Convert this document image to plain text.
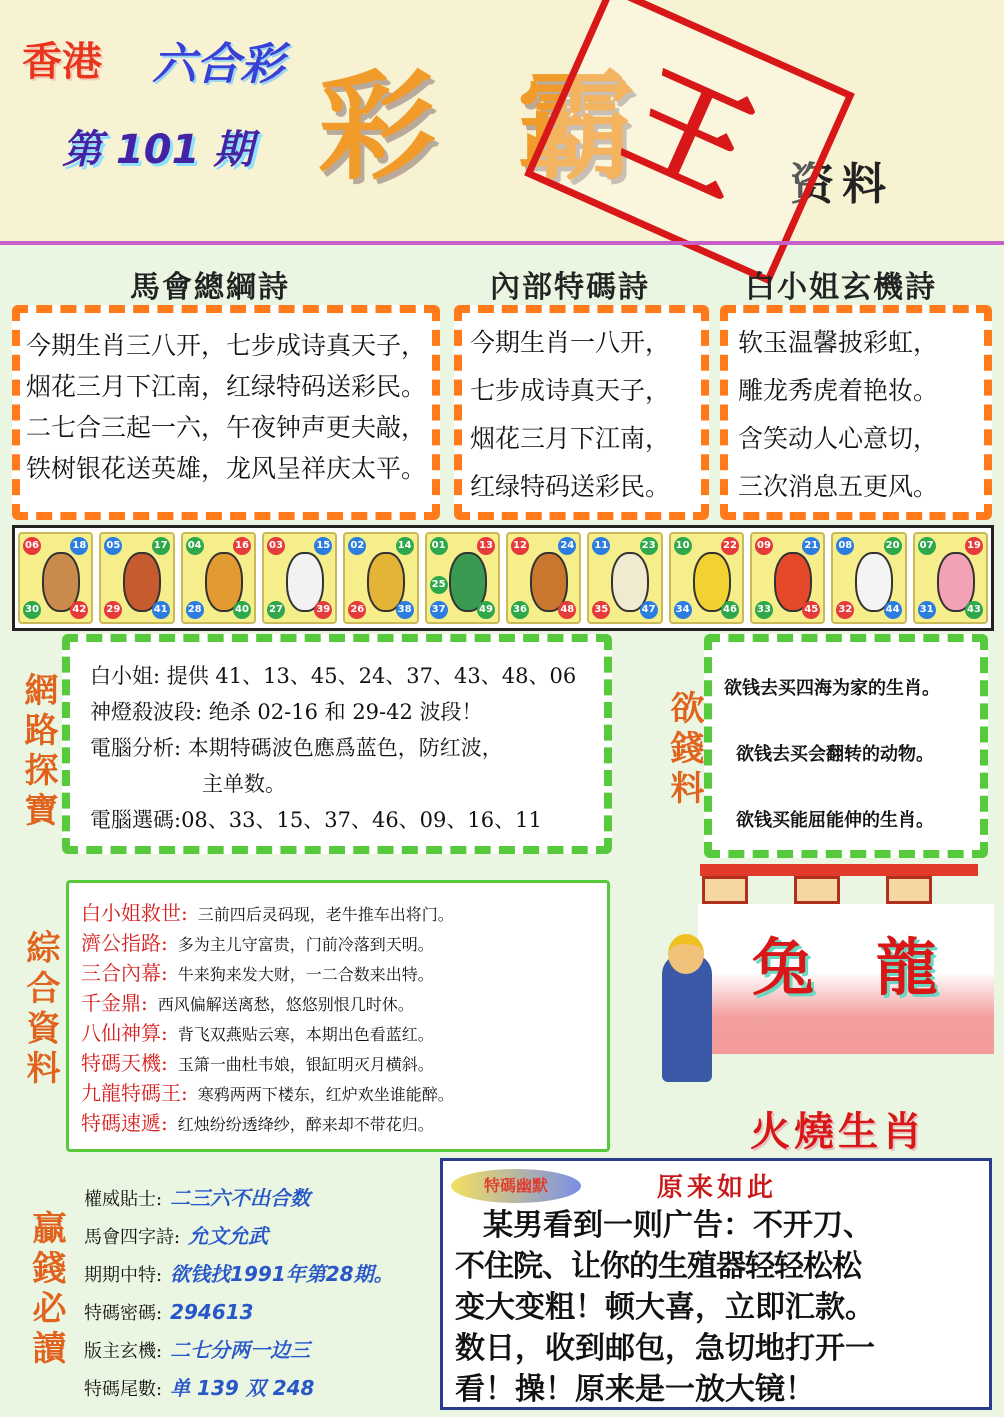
香港 六合彩
第 101 期 彩 霸	资料
王
馬會總綱詩	內部特碼詩	白小姐玄機詩
今期生肖三八开，七步成诗真天子，
烟花三月下江南，红绿特码送彩民。
二七合三起一六，午夜钟声更夫敲，
铁树银花送英雄，龙风呈祥庆太平。
今期生肖一八开，
七步成诗真天子，
烟花三月下江南，
红绿特码送彩民。
软玉温馨披彩虹，
雕龙秀虎着艳妆。
含笑动人心意切，
三次消息五更风。
06	18
30	42
05	17
29	41
04	16
28	40
03	15
27	39
02	14
26	38
01	13
37	49
25
12	24
36	48
11	23
35	47
10	22
34	46
09	21
33	45
08	20
32	44
07	19
31	43
網路探寶 白小姐: 提供 41、13、45、24、37、43、48、06
神燈殺波段: 绝杀 02-16 和 29-42 波段！
電腦分析: 本期特碼波色應爲蓝色，防红波，
主单数。
電腦選碼:08、33、15、37、46、09、16、11
欲錢料
欲钱去买四海为家的生肖。
欲钱去买会翻转的动物。
欲钱买能屈能伸的生肖。
綜合資料
白小姐救世: 三前四后灵码现，老牛推车出将门。
濟公指路: 多为主儿守富贵，门前冷落到天明。
三合內幕: 牛来狗来发大财，一二合数来出特。
千金鼎: 西风偏解送离愁，悠悠别恨几时休。
八仙神算: 背飞双燕贴云寒，本期出色看蓝红。
特碼天機: 玉箫一曲杜韦娘，银缸明灭月横斜。
九龍特碼王: 寒鸦两两下楼东，红炉欢坐谁能醉。
特碼速遞: 红烛纷纷透绛纱，醉来却不带花归。
兔 龍
火燒生肖
贏錢必讀
權威貼士: 二三六不出合数
馬會四字詩: 允文允武
期期中特: 欲钱找1991年第28期。
特碼密碼: 294613
版主玄機: 二七分两一边三
特碼尾數: 单 139 双 248
特碼幽默	原来如此
某男看到一则广告：不开刀、
不住院、让你的生殖器轻轻松松
变大变粗！顿大喜，立即汇款。
数日，收到邮包，急切地打开一
看！操！原来是一放大镜！
